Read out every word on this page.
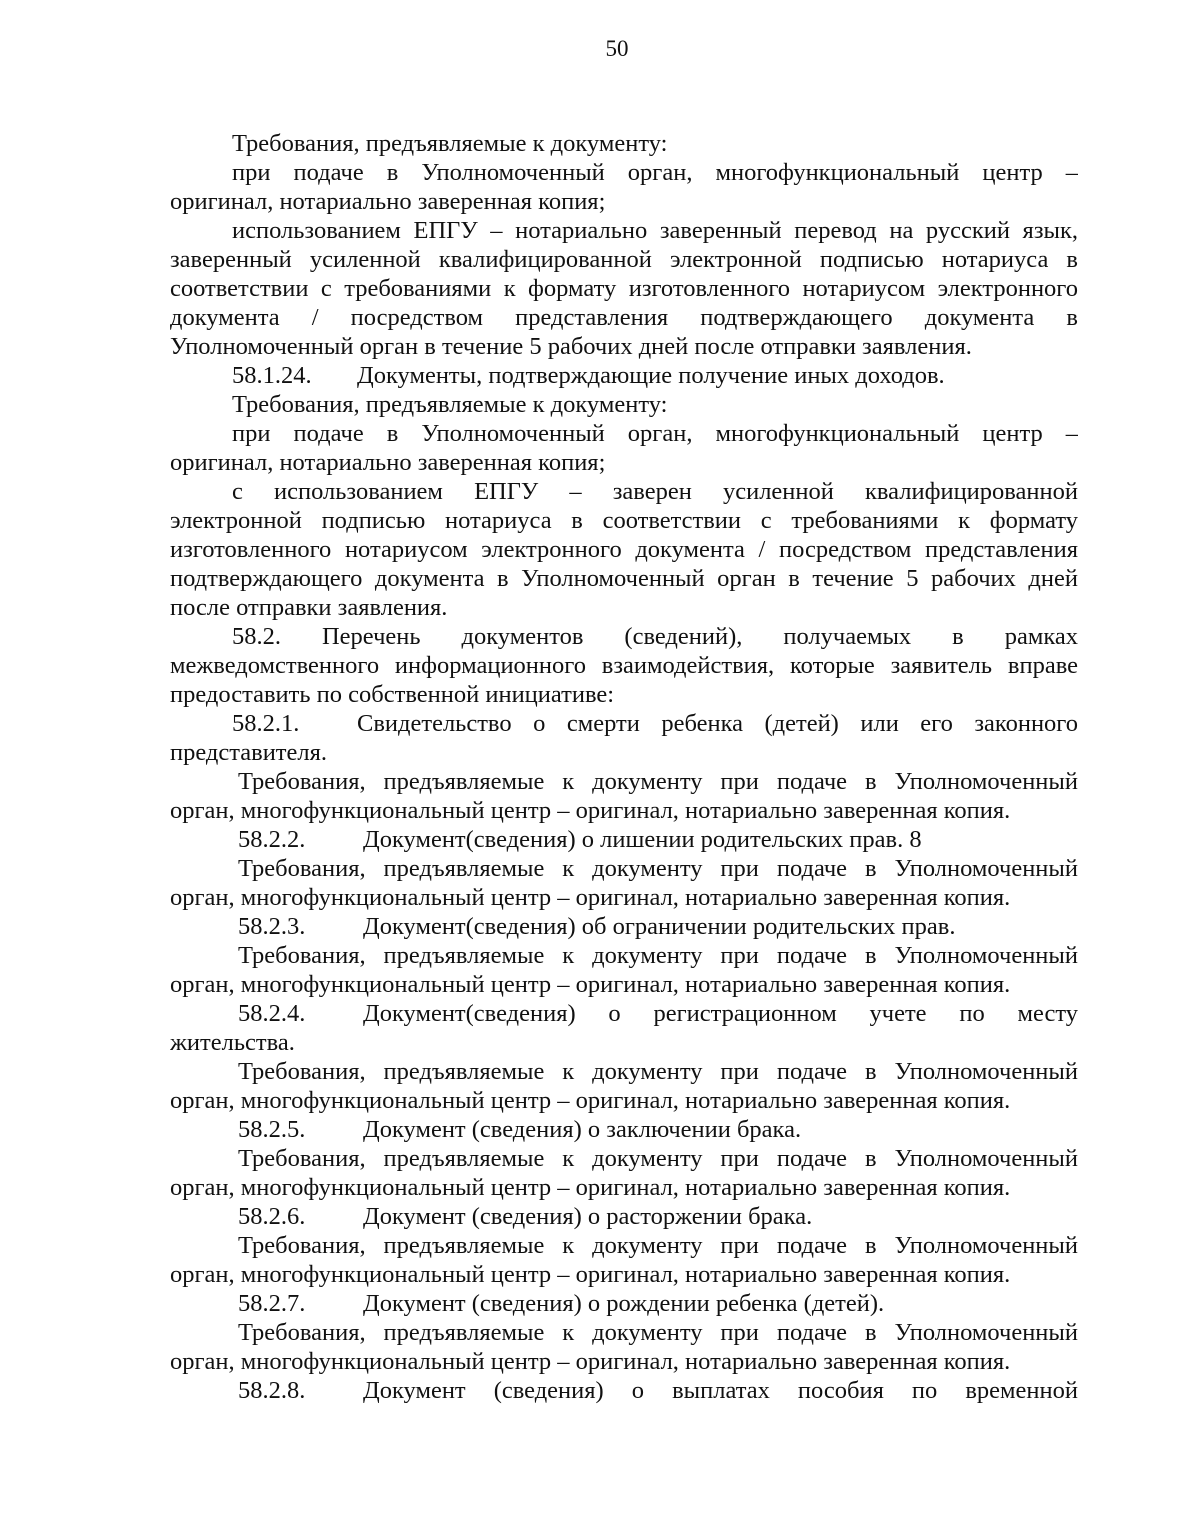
50
Требования, предъявляемые к документу:
при подаче в Уполномоченный орган, многофункциональный центр –
оригинал, нотариально заверенная копия;
использованием ЕПГУ – нотариально заверенный перевод на русский язык,
заверенный усиленной квалифицированной электронной подписью нотариуса в
соответствии с требованиями к формату изготовленного нотариусом электронного
документа / посредством представления подтверждающего документа в
Уполномоченный орган в течение 5 рабочих дней после отправки заявления.
58.1.24. Документы, подтверждающие получение иных доходов.
Требования, предъявляемые к документу:
при подаче в Уполномоченный орган, многофункциональный центр –
оригинал, нотариально заверенная копия;
с использованием ЕПГУ – заверен усиленной квалифицированной
электронной подписью нотариуса в соответствии с требованиями к формату
изготовленного нотариусом электронного документа / посредством представления
подтверждающего документа в Уполномоченный орган в течение 5 рабочих дней
после отправки заявления.
58.2. Перечень документов (сведений), получаемых в рамках
межведомственного информационного взаимодействия, которые заявитель вправе
предоставить по собственной инициативе:
58.2.1. Свидетельство о смерти ребенка (детей) или его законного
представителя.
Требования, предъявляемые к документу при подаче в Уполномоченный
орган, многофункциональный центр – оригинал, нотариально заверенная копия.
58.2.2. Документ(сведения) о лишении родительских прав. 8
Требования, предъявляемые к документу при подаче в Уполномоченный
орган, многофункциональный центр – оригинал, нотариально заверенная копия.
58.2.3. Документ(сведения) об ограничении родительских прав.
Требования, предъявляемые к документу при подаче в Уполномоченный
орган, многофункциональный центр – оригинал, нотариально заверенная копия.
58.2.4. Документ(сведения) о регистрационном учете по месту
жительства.
Требования, предъявляемые к документу при подаче в Уполномоченный
орган, многофункциональный центр – оригинал, нотариально заверенная копия.
58.2.5. Документ (сведения) о заключении брака.
Требования, предъявляемые к документу при подаче в Уполномоченный
орган, многофункциональный центр – оригинал, нотариально заверенная копия.
58.2.6. Документ (сведения) о расторжении брака.
Требования, предъявляемые к документу при подаче в Уполномоченный
орган, многофункциональный центр – оригинал, нотариально заверенная копия.
58.2.7. Документ (сведения) о рождении ребенка (детей).
Требования, предъявляемые к документу при подаче в Уполномоченный
орган, многофункциональный центр – оригинал, нотариально заверенная копия.
58.2.8. Документ (сведения) о выплатах пособия по временной
